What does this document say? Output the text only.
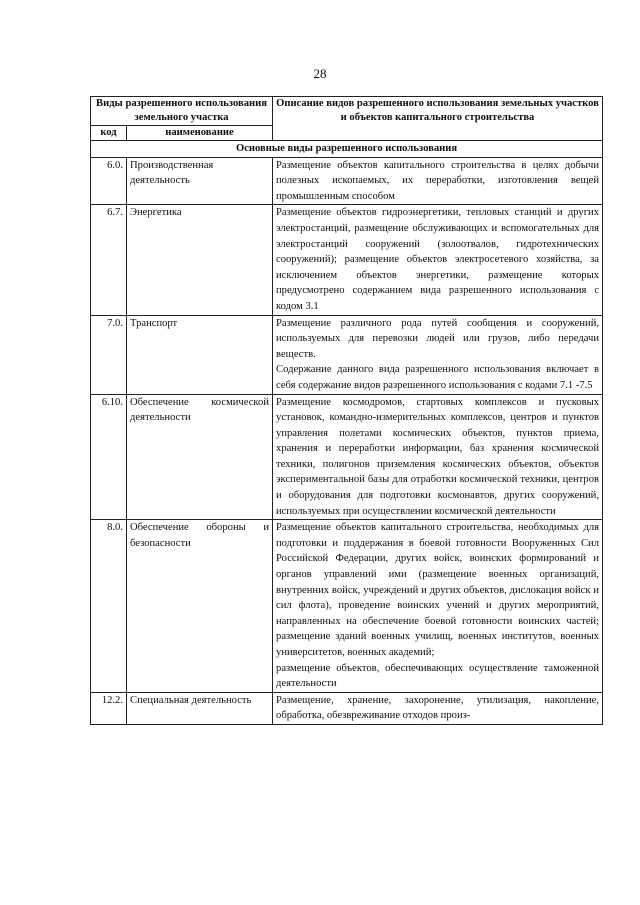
28
Виды разрешенного использования земельного участка		Описание видов разрешенного использования земельных участков и объектов капитального строительства
код	наименование	
Основные виды разрешенного использования		
6.0.	Производственная деятельность	Размещение объектов капитального строительства в целях добычи полезных ископаемых, их переработки, изготовления вещей промышленным способом

6.7.	Энергетика	Размещение объектов гидроэнергетики, тепловых станций и других электростанций, размещение обслуживающих и вспомогательных для электростанций сооружений (золоотвалов, гидротехнических сооружений); размещение объектов электросетевого хозяйства, за исключением объектов энергетики, размещение которых предусмотрено содержанием вида разрешенного использования с кодом 3.1

7.0.	Транспорт	Размещение различного рода путей сообщения и сооружений, используемых для перевозки людей или грузов, либо передачи веществ.
Содержание данного вида разрешенного использования включает в себя содержание видов разрешенного использования с кодами 7.1 -7.5

6.10.	Обеспечение космической деятельности	Размещение космодромов, стартовых комплексов и пусковых установок, командно-измерительных комплексов, центров и пунктов управления полетами космических объектов, пунктов приема, хранения и переработки информации, баз хранения космической техники, полигонов приземления космических объектов, объектов экспериментальной базы для отработки космической техники, центров и оборудования для подготовки космонавтов, других сооружений, используемых при осуществлении космической деятельности

8.0.	Обеспечение обороны и безопасности	Размещение объектов капитального строительства, необходимых для подготовки и поддержания в боевой готовности Вооруженных Сил Российской Федерации, других войск, воинских формирований и органов управлений ими (размещение военных организаций, внутренних войск, учреждений и других объектов, дислокация войск и сил флота), проведение воинских учений и других мероприятий, направленных на обеспечение боевой готовности воинских частей; размещение зданий военных училищ, военных институтов, военных университетов, военных академий;
размещение объектов, обеспечивающих осуществление таможенной деятельности

12.2.	Специальная деятельность	Размещение, хранение, захоронение, утилизация, накопление, обработка, обезвреживание отходов произ-
